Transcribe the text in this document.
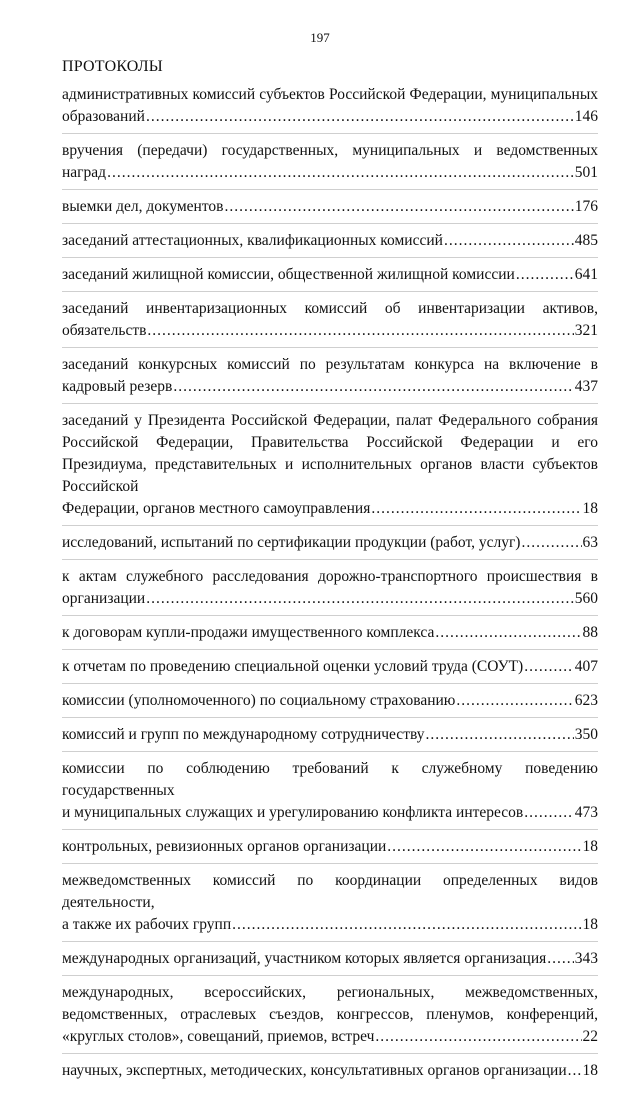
197
ПРОТОКОЛЫ
административных комиссий субъектов Российской Федерации, муниципальных
образований .....	146
вручения (передачи) государственных, муниципальных и ведомственных
наград .....	501
выемки дел, документов .....	176
заседаний аттестационных, квалификационных комиссий .....	485
заседаний жилищной комиссии, общественной жилищной комиссии .....	641
заседаний инвентаризационных комиссий об инвентаризации активов,
обязательств .....	321
заседаний конкурсных комиссий по результатам конкурса на включение в
кадровый резерв .....	437
заседаний у Президента Российской Федерации, палат Федерального собрания Российской Федерации, Правительства Российской Федерации и его Президиума, представительных и исполнительных органов власти субъектов Российской
Федерации, органов местного самоуправления .....	18
исследований, испытаний по сертификации продукции (работ, услуг) .....	63
к актам служебного расследования дорожно-транспортного происшествия в
организации .....	560
к договорам купли-продажи имущественного комплекса .....	88
к отчетам по проведению специальной оценки условий труда (СОУТ) .....	407
комиссии (уполномоченного) по социальному страхованию .....	623
комиссий и групп по международному сотрудничеству .....	350
комиссии по соблюдению требований к служебному поведению государственных
и муниципальных служащих и урегулированию конфликта интересов .....	473
контрольных, ревизионных органов организации .....	18
межведомственных комиссий по координации определенных видов деятельности,
а также их рабочих групп .....	18
международных организаций, участником которых является организация ..... 343
международных, всероссийских, региональных, межведомственных, ведомственных, отраслевых съездов, конгрессов, пленумов, конференций,
«круглых столов», совещаний, приемов, встреч .....	22
научных, экспертных, методических, консультативных органов организации ..... 18
